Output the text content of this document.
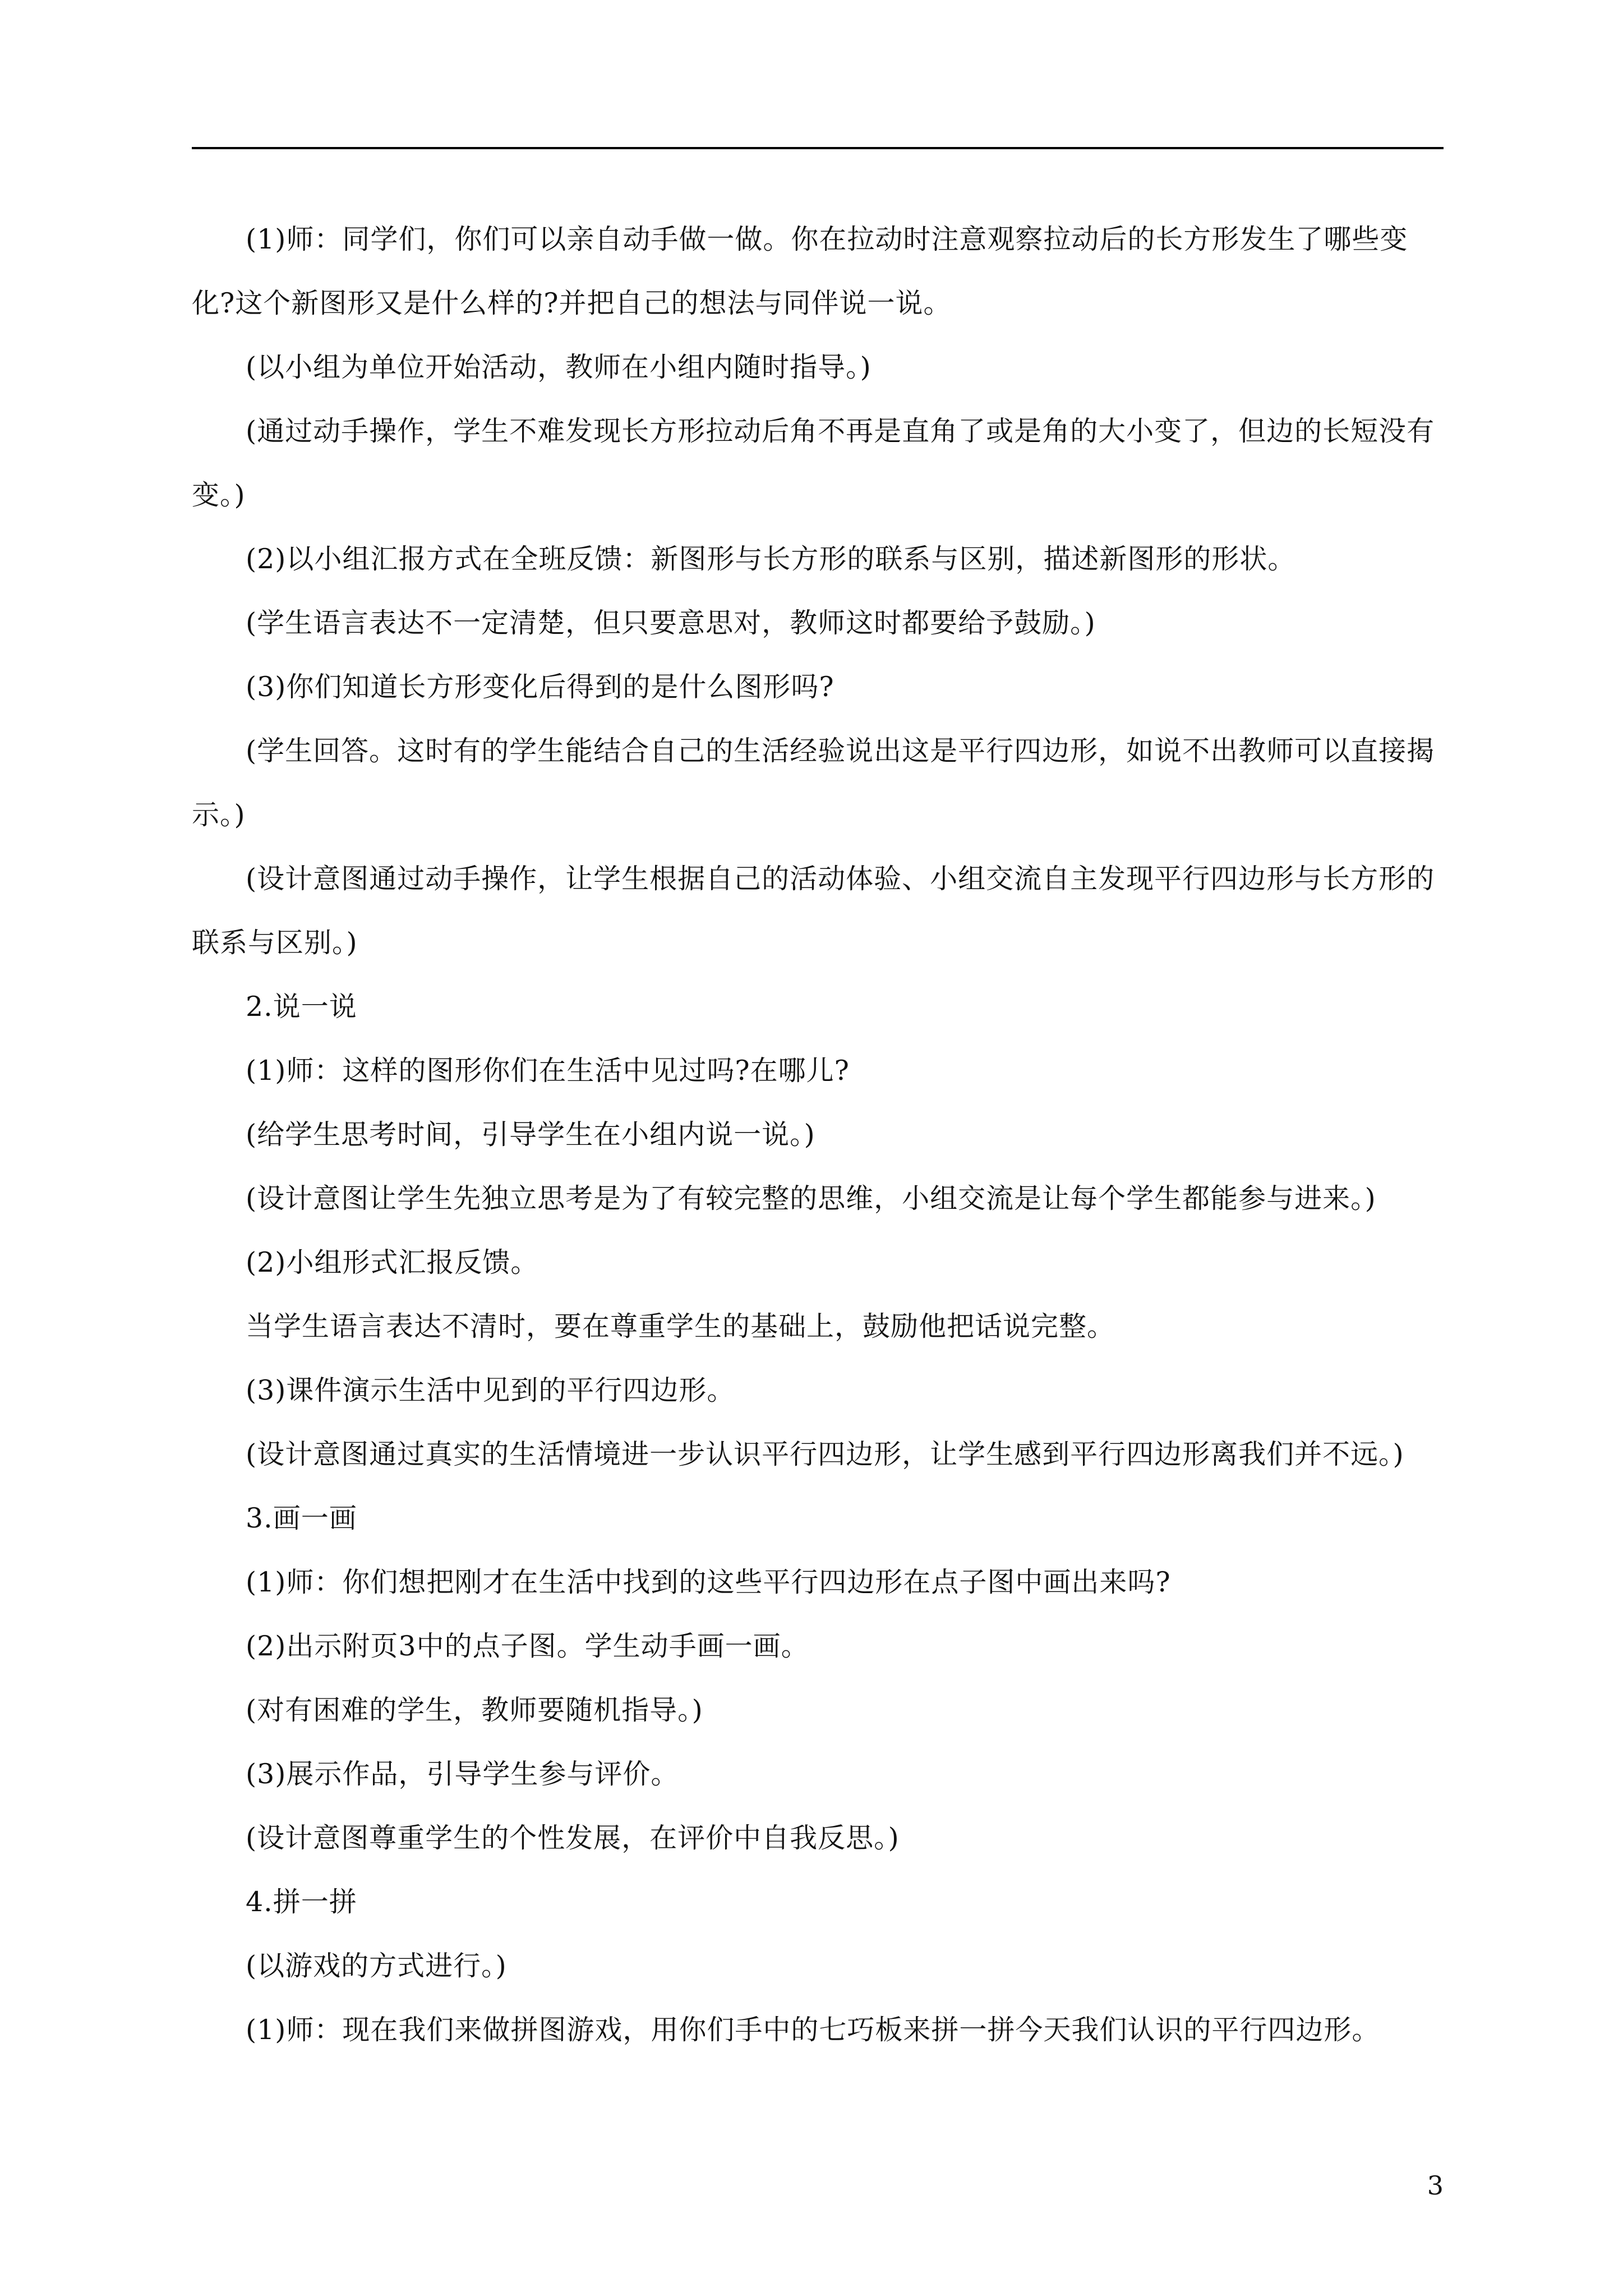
(1)师：同学们，你们可以亲自动手做一做。你在拉动时注意观察拉动后的长方形发生了哪些变化?这个新图形又是什么样的?并把自己的想法与同伴说一说。

(以小组为单位开始活动，教师在小组内随时指导。)

(通过动手操作，学生不难发现长方形拉动后角不再是直角了或是角的大小变了，但边的长短没有变。)

(2)以小组汇报方式在全班反馈：新图形与长方形的联系与区别，描述新图形的形状。

(学生语言表达不一定清楚，但只要意思对，教师这时都要给予鼓励。)

(3)你们知道长方形变化后得到的是什么图形吗?

(学生回答。这时有的学生能结合自己的生活经验说出这是平行四边形，如说不出教师可以直接揭示。)

(设计意图通过动手操作，让学生根据自己的活动体验、小组交流自主发现平行四边形与长方形的联系与区别。)

2.说一说

(1)师：这样的图形你们在生活中见过吗?在哪儿?

(给学生思考时间，引导学生在小组内说一说。)

(设计意图让学生先独立思考是为了有较完整的思维，小组交流是让每个学生都能参与进来。)

(2)小组形式汇报反馈。

当学生语言表达不清时，要在尊重学生的基础上，鼓励他把话说完整。

(3)课件演示生活中见到的平行四边形。

(设计意图通过真实的生活情境进一步认识平行四边形，让学生感到平行四边形离我们并不远。)

3.画一画

(1)师：你们想把刚才在生活中找到的这些平行四边形在点子图中画出来吗?

(2)出示附页3中的点子图。学生动手画一画。

(对有困难的学生，教师要随机指导。)

(3)展示作品，引导学生参与评价。

(设计意图尊重学生的个性发展，在评价中自我反思。)

4.拼一拼

(以游戏的方式进行。)

(1)师：现在我们来做拼图游戏，用你们手中的七巧板来拼一拼今天我们认识的平行四边形。

3
